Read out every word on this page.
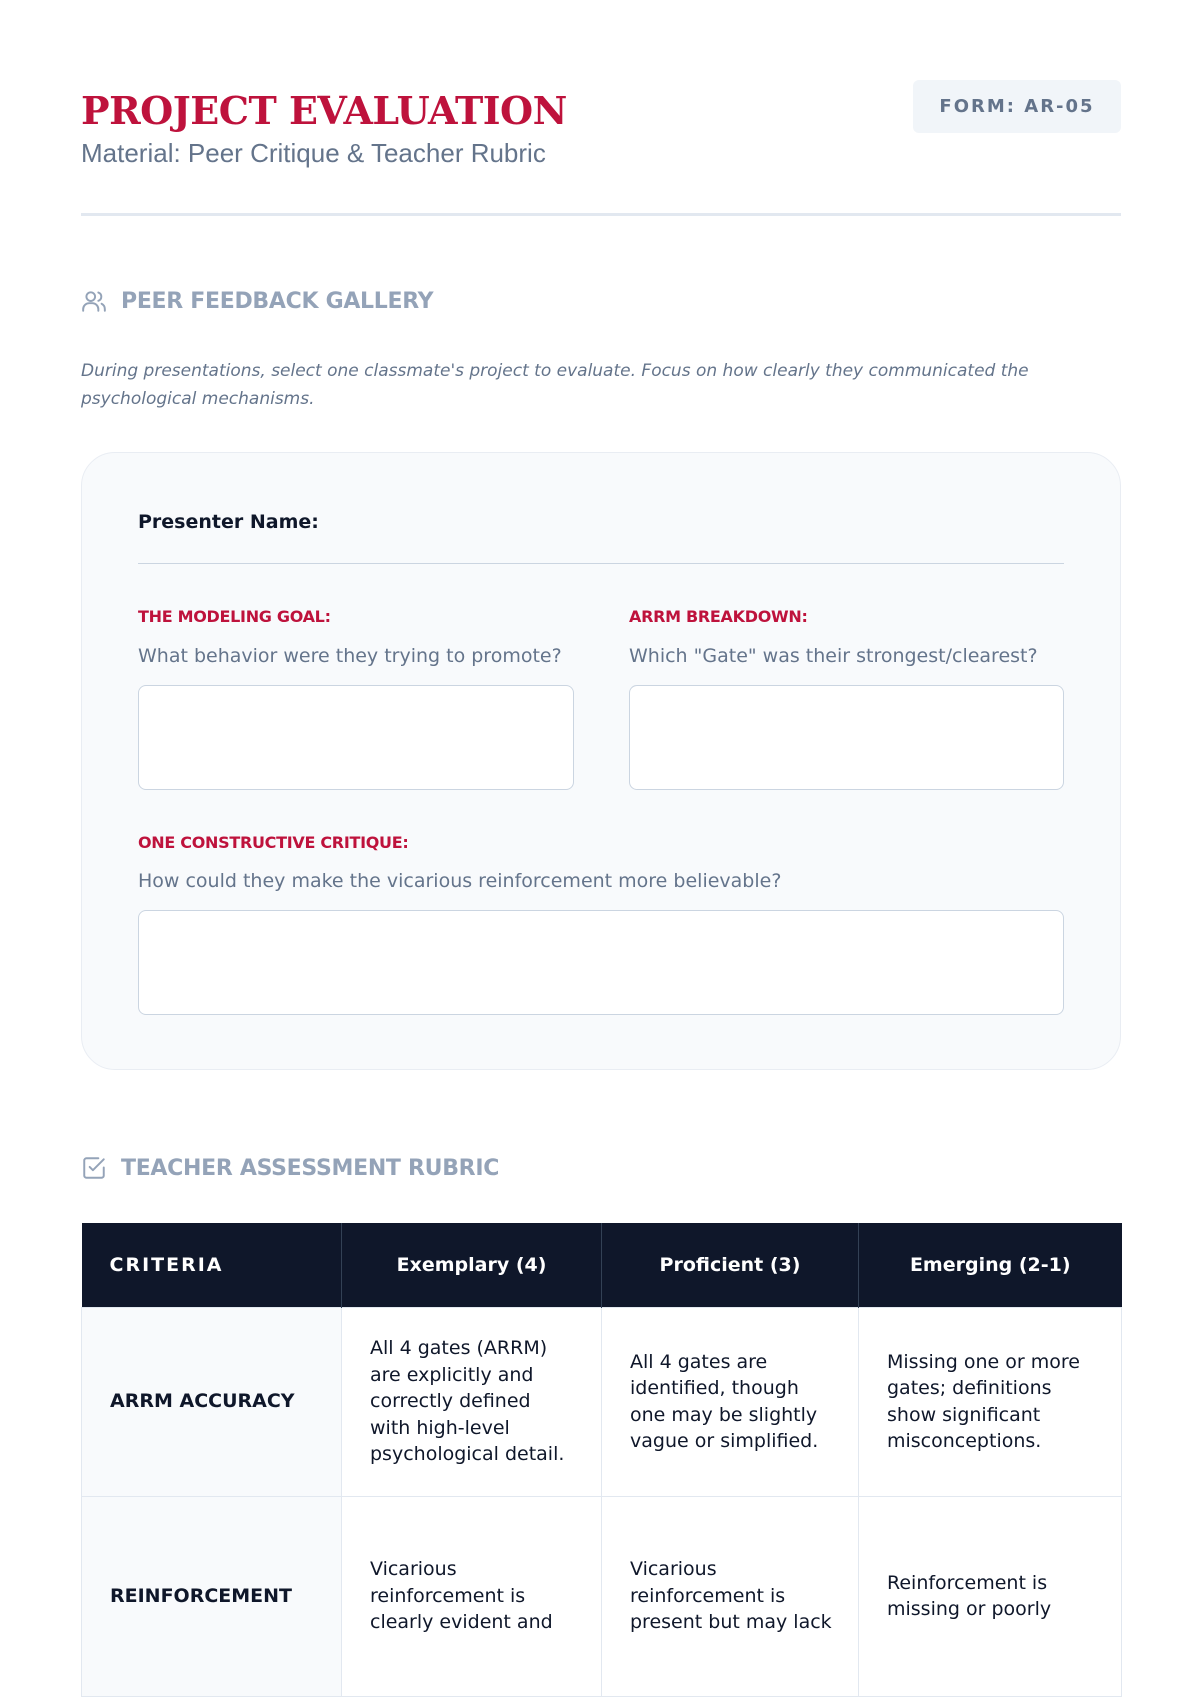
PROJECT EVALUATION
Material: Peer Critique & Teacher Rubric
FORM: AR-05
PEER FEEDBACK GALLERY

During presentations, select one classmate's project to evaluate. Focus on how clearly they communicated the psychological mechanisms.

Presenter Name:
THE MODELING GOAL:
What behavior were they trying to promote?
ARRM BREAKDOWN:
Which "Gate" was their strongest/clearest?
ONE CONSTRUCTIVE CRITIQUE:
How could they make the vicarious reinforcement more believable?
TEACHER ASSESSMENT RUBRIC
CRITERIA	Exemplary (4)	Proficient (3)	Emerging (2-1)
ARRM ACCURACY	All 4 gates (ARRM) are explicitly and correctly defined with high-level psychological detail.	All 4 gates are identified, though one may be slightly vague or simplified.	Missing one or more gates; definitions show significant misconceptions.
REINFORCEMENT	Vicarious reinforcement is clearly evident and	Vicarious reinforcement is present but may lack	Reinforcement is missing or poorly
